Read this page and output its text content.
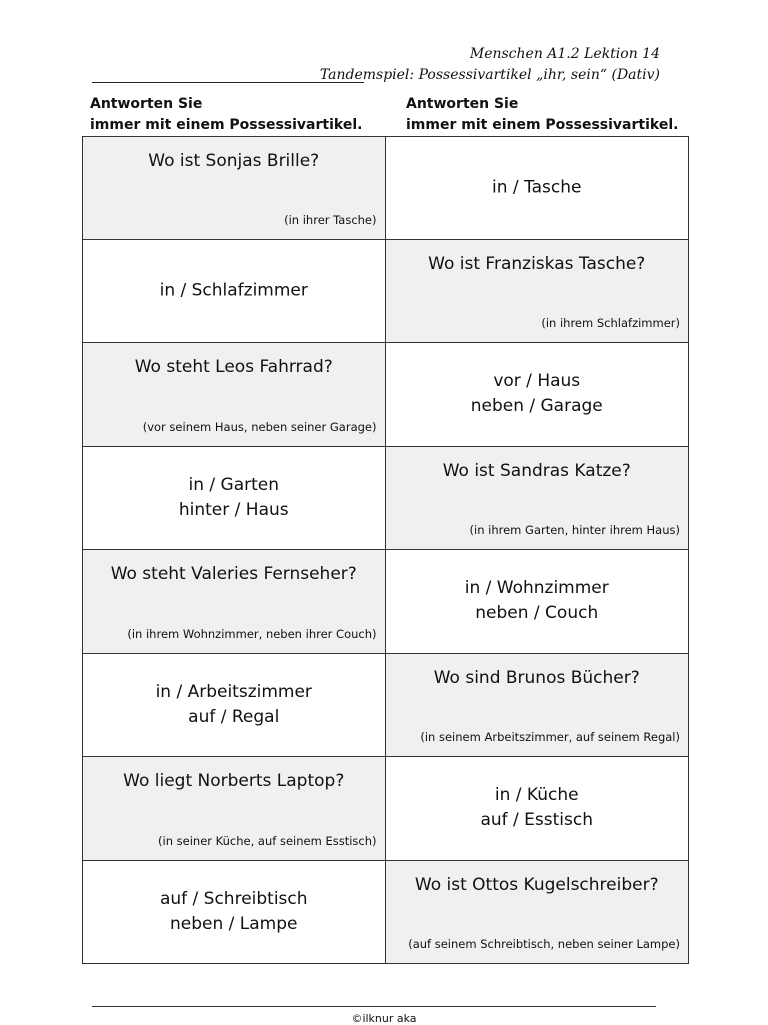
Menschen A1.2 Lektion 14
Tandemspiel: Possessivartikel „ihr, sein“ (Dativ)
Antworten Sie
immer mit einem Possessivartikel.
Antworten Sie
immer mit einem Possessivartikel.
Wo ist Sonjas Brille?
(in ihrer Tasche)
in / Tasche
in / Schlafzimmer
Wo ist Franziskas Tasche?
(in ihrem Schlafzimmer)
Wo steht Leos Fahrrad?
(vor seinem Haus, neben seiner Garage)
vor / Haus
neben / Garage
in / Garten
hinter / Haus
Wo ist Sandras Katze?
(in ihrem Garten, hinter ihrem Haus)
Wo steht Valeries Fernseher?
(in ihrem Wohnzimmer, neben ihrer Couch)
in / Wohnzimmer
neben / Couch
in / Arbeitszimmer
auf / Regal
Wo sind Brunos Bücher?
(in seinem Arbeitszimmer, auf seinem Regal)
Wo liegt Norberts Laptop?
(in seiner Küche, auf seinem Esstisch)
in / Küche
auf / Esstisch
auf / Schreibtisch
neben / Lampe
Wo ist Ottos Kugelschreiber?
(auf seinem Schreibtisch, neben seiner Lampe)
©ilknur aka
